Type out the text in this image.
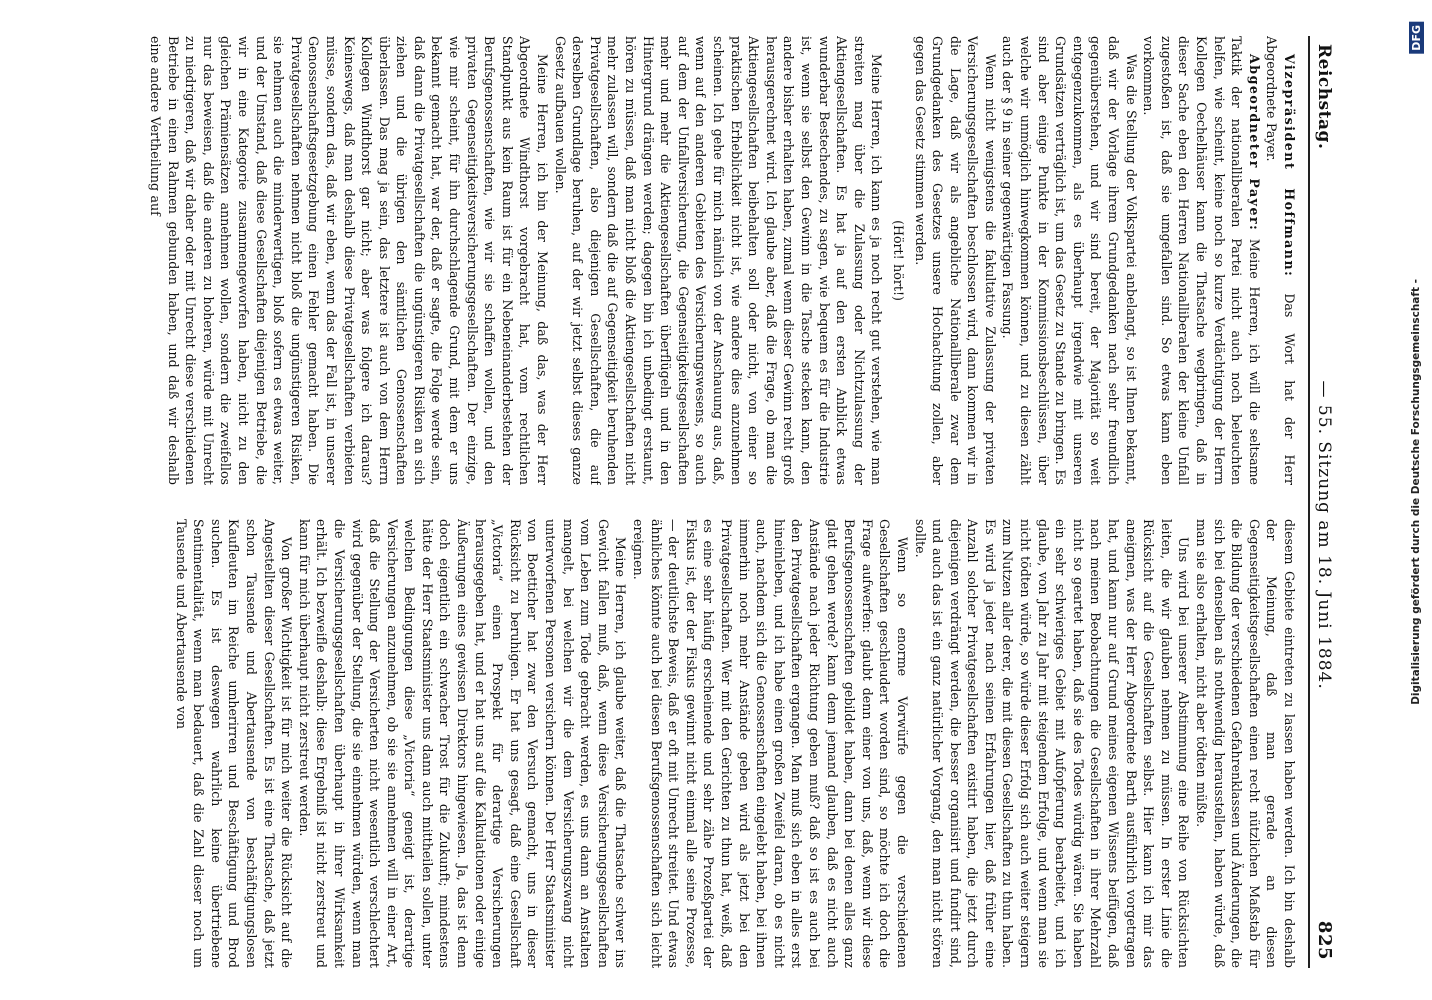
Reichstag.
— 55. Sitzung am 18. Juni 1884.
825

Vizepräsident Hoffmann: Das Wort hat der Herr Abgeordnete Payer.

Abgeordneter Payer: Meine Herren, ich will die seltsame Taktik der nationalliberalen Partei nicht auch noch beleuchten helfen, wie scheint, keine noch so kurze Verdächtigung der Herrn Kollegen Oechelhäuser kann die Thatsache wegbringen, daß in dieser Sache eben den Herren Nationalliberalen der kleine Unfall zugestoßen ist, daß sie umgefallen sind. So etwas kann eben vorkommen.

Was die Stellung der Volkspartei anbelangt, so ist Ihnen bekannt, daß wir der Vorlage ihrem Grundgedanken nach sehr freundlich gegenüberstehen, und wir sind bereit, der Majorität so weit entgegenzukommen, als es überhaupt irgendwie mit unseren Grundsätzen verträglich ist, um das Gesetz zu Stande zu bringen. Es sind aber einige Punkte in der Kommissionsbeschlüssen, über welche wir unmöglich hinwegkommen können, und zu diesen zählt auch der § 9 in seiner gegenwärtigen Fassung.

Wenn nicht wenigstens die fakultative Zulassung der privaten Versicherungsgesellschaften beschlossen wird, dann kommen wir in die Lage, daß wir als angebliche Nationalliberale zwar dem Grundgedanken des Gesetzes unsere Hochachtung zollen, aber gegen das Gesetz stimmen werden.

(Hört! hört!)

Meine Herren, ich kann es ja noch recht gut verstehen, wie man streiten mag über die Zulassung oder Nichtzulassung der Aktiengesellschaften. Es hat ja auf den ersten Anblick etwas wunderbar Bestechendes, zu sagen, wie bequem es für die Industrie ist, wenn sie selbst den Gewinn in die Tasche stecken kann, den andere bisher erhalten haben, zumal wenn dieser Gewinn recht groß herausgerechnet wird. Ich glaube aber, daß die Frage, ob man die Aktiengesellschaften beibehalten soll oder nicht, von einer so praktischen Erheblichkeit nicht ist, wie andere dies anzunehmen scheinen. Ich gehe für mich nämlich von der Anschauung aus, daß, wenn auf den anderen Gebieten des Versicherungswesens, so auch auf dem der Unfallversicherung, die Gegenseitigkeitsgesellschaften mehr und mehr die Aktiengesellschaften überflügeln und in den Hintergrund drängen werden; dagegen bin ich unbedingt erstaunt, hören zu müssen, daß man nicht bloß die Aktiengesellschaften nicht mehr zulassen will, sondern daß die auf Gegenseitigkeit beruhenden Privatgesellschaften, also diejenigen Gesellschaften, die auf derselben Grundlage beruhen, auf der wir jetzt selbst dieses ganze Gesetz aufbauen wollen.

Meine Herren, ich bin der Meinung, daß das, was der Herr Abgeordnete Windthorst vorgebracht hat, vom rechtlichen Standpunkt aus kein Raum ist für ein Nebeneinanderbestehen der Berufsgenossenschaften, wie wir sie schaffen wollen, und den privaten Gegenseitigkeitsversicherungsgesellschaften. Der einzige, wie mir scheint, für ihn durchschlagende Grund, mit dem er uns bekannt gemacht hat, war der, daß er sagte, die Folge werde sein, daß dann die Privatgesellschaften die ungünstigeren Risiken an sich ziehen und die übrigen den sämtlichen Genossenschaften überlassen. Das mag ja sein, das letztere ist auch von dem Herrn Kollegen Windthorst gar nicht; aber was folgere ich daraus? Keineswegs, daß man deshalb diese Privatgesellschaften verbieten müsse, sondern das, daß wir eben, wenn das der Fall ist, in unserer Genossenschaftsgesetzgebung einen Fehler gemacht haben. Die Privatgesellschaften nehmen nicht bloß die ungünstigeren Risiken, sie nehmen auch die minderwertigen, bloß sofern es etwas weiter, und der Umstand, daß diese Gesellschaften diejenigen Betriebe, die wir in eine Kategorie zusammengeworfen haben, nicht zu den gleichen Prämiensätzen annehmen wollen, sondern die zweifellos nur das beweisen, daß die anderen zu hoheren, würde mit Unrecht zu niedrigeren, daß wir daher oder mit Unrecht diese verschiedenen Betriebe in einen Rahmen gebunden haben, und daß wir deshalb eine andere Vertheilung auf

diesem Gebiete eintreten zu lassen haben werden. Ich bin deshalb der Meinung, daß man gerade an diesen Gegenseitigkeitsgesellschaften einen recht nützlichen Maßstab für die Bildung der verschiedenen Gefahrenklassen und Änderungen, die sich bei denselben als nothwendig herausstellen, haben würde, daß man sie also erhalten, nicht aber tödten müßte.

Uns wird bei unserer Abstimmung eine Reihe von Rücksichten leiten, die wir glauben nehmen zu müssen. In erster Linie die Rücksicht auf die Gesellschaften selbst. Hier kann ich mir das aneignen, was der Herr Abgeordnete Barth ausführlich vorgetragen hat, und kann nur auf Grund meines eigenen Wissens beifügen, daß nach meinen Beobachtungen die Gesellschaften in ihrer Mehrzahl nicht so geartet haben, daß sie des Todes würdig wären. Sie haben ein sehr schwieriges Gebiet mit Aufopferung bearbeitet, und ich glaube, von Jahr zu Jahr mit steigendem Erfolge, und wenn man sie nicht tödten würde, so würde dieser Erfolg sich auch weiter steigern zum Nutzen aller derer, die mit diesen Gesellschaften zu thun haben. Es wird ja jeder nach seinen Erfahrungen hier, daß früher eine Anzahl solcher Privatgesellschaften existirt haben, die jetzt durch diejenigen verdrängt werden, die besser organisirt und fundirt sind, und auch das ist ein ganz natürlicher Vorgang, den man nicht stören sollte.

Wenn so enorme Vorwürfe gegen die verschiedenen Gesellschaften geschleudert worden sind, so möchte ich doch die Frage aufwerfen: glaubt denn einer von uns, daß, wenn wir diese Berufsgenossenschaften gebildet haben, dann bei denen alles ganz glatt gehen werde? kann denn jemand glauben, daß es nicht auch Anstände nach jeder Richtung geben muß? daß so ist es auch bei den Privatgesellschaften ergangen. Man muß sich eben in alles erst hineinleben, und ich habe einen großen Zweifel daran, ob es nicht auch, nachdem sich die Genossenschaften eingelebt haben, bei ihnen immerhin noch mehr Anstände geben wird als jetzt bei den Privatgesellschaften. Wer mit den Gerichten zu thun hat, weiß, daß es eine sehr häufig erscheinende und sehr zähe Prozeßpartei der Fiskus ist, der der Fiskus gewinnt nicht einmal alle seine Prozesse, — der deutlichste Beweis, daß er oft mit Unrecht streitet. Und etwas ähnliches könnte auch bei diesen Berufsgenossenschaften sich leicht ereignen.

Meine Herren, ich glaube weiter, daß die Thatsache schwer ins Gewicht fallen muß, daß, wenn diese Versicherungsgesellschaften vom Leben zum Tode gebracht werden, es uns dann an Anstalten mangelt, bei welchen wir die dem Versicherungszwang nicht unterworfenen Personen versichern können. Der Herr Staatsminister von Boetticher hat zwar den Versuch gemacht, uns in dieser Rücksicht zu beruhigen. Er hat uns gesagt, daß eine Gesellschaft „Victoria“ einen Prospekt für derartige Versicherungen herausgegeben hat, und er hat uns auf die Kalkulationen oder einige Äußerungen eines gewissen Direktors hingewiesen. Ja, das ist denn doch eigentlich ein schwacher Trost für die Zukunft; mindestens hätte der Herr Staatsminister uns dann auch mittheilen sollen, unter welchen Bedingungen diese „Victoria“ geneigt ist, derartige Versicherungen anzunehmen, ob sie sie annehmen will in einer Art, daß die Stellung der Versicherten nicht wesentlich verschlechtert wird gegenüber der Stellung, die sie einnehmen würden, wenn man die Versicherungsgesellschaften überhaupt in ihrer Wirksamkeit erhält. Ich bezweifle deshalb: diese Ergebniß ist nicht zerstreut und kann für mich überhaupt nicht zerstreut werden.

Von großer Wichtigkeit ist für mich weiter die Rücksicht auf die Angestellten dieser Gesellschaften. Es ist eine Thatsache, daß jetzt schon Tausende und Abertausende von beschäftigungslosen Kaufleuten im Reiche umherirren und Beschäftigung und Brod suchen. Es ist deswegen wahrlich keine übertriebene Sentimentalität, wenn man bedauert, daß die Zahl dieser noch um Tausende und Abertausende von	Digitalisierung gefördert durch die Deutsche Forschungsgemeinschaft -
DFG
